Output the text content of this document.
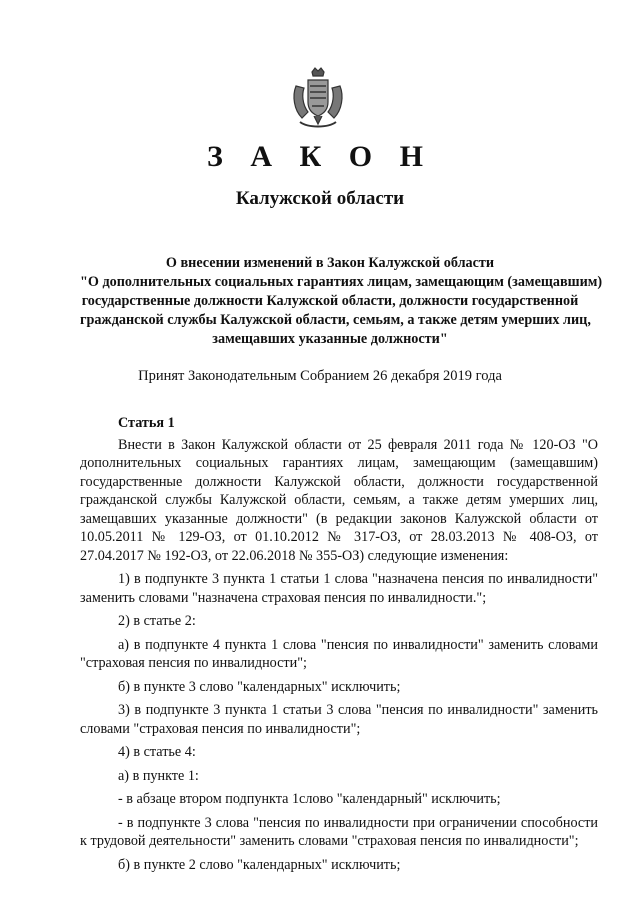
З А К О Н
Калужской области
О внесении изменений в Закон Калужской области
"О дополнительных социальных гарантиях лицам, замещающим (замещавшим)
государственные должности Калужской области, должности государственной
гражданской службы Калужской области, семьям, а также детям умерших лиц,
замещавших указанные должности"
Принят Законодательным Собранием 26 декабря 2019 года
Статья 1

Внести в Закон Калужской области от 25 февраля 2011 года № 120-ОЗ "О дополнительных социальных гарантиях лицам, замещающим (замещавшим) государственные должности Калужской области, должности государственной гражданской службы Калужской области, семьям, а также детям умерших лиц, замещавших указанные должности" (в редакции законов Калужской области от 10.05.2011 № 129-ОЗ, от 01.10.2012 № 317-ОЗ, от 28.03.2013 № 408-ОЗ, от 27.04.2017 № 192-ОЗ, от 22.06.2018 № 355-ОЗ) следующие изменения:

1) в подпункте 3 пункта 1 статьи 1 слова "назначена пенсия по инвалидности" заменить словами "назначена страховая пенсия по инвалидности.";

2) в статье 2:

а) в подпункте 4 пункта 1 слова "пенсия по инвалидности" заменить словами "страховая пенсия по инвалидности";

б) в пункте 3 слово "календарных" исключить;

3) в подпункте 3 пункта 1 статьи 3 слова "пенсия по инвалидности" заменить словами "страховая пенсия по инвалидности";

4) в статье 4:

а) в пункте 1:

- в абзаце втором подпункта 1слово "календарный" исключить;

- в подпункте 3 слова "пенсия по инвалидности при ограничении способности к трудовой деятельности" заменить словами "страховая пенсия по инвалидности";

б) в пункте 2 слово "календарных" исключить;
